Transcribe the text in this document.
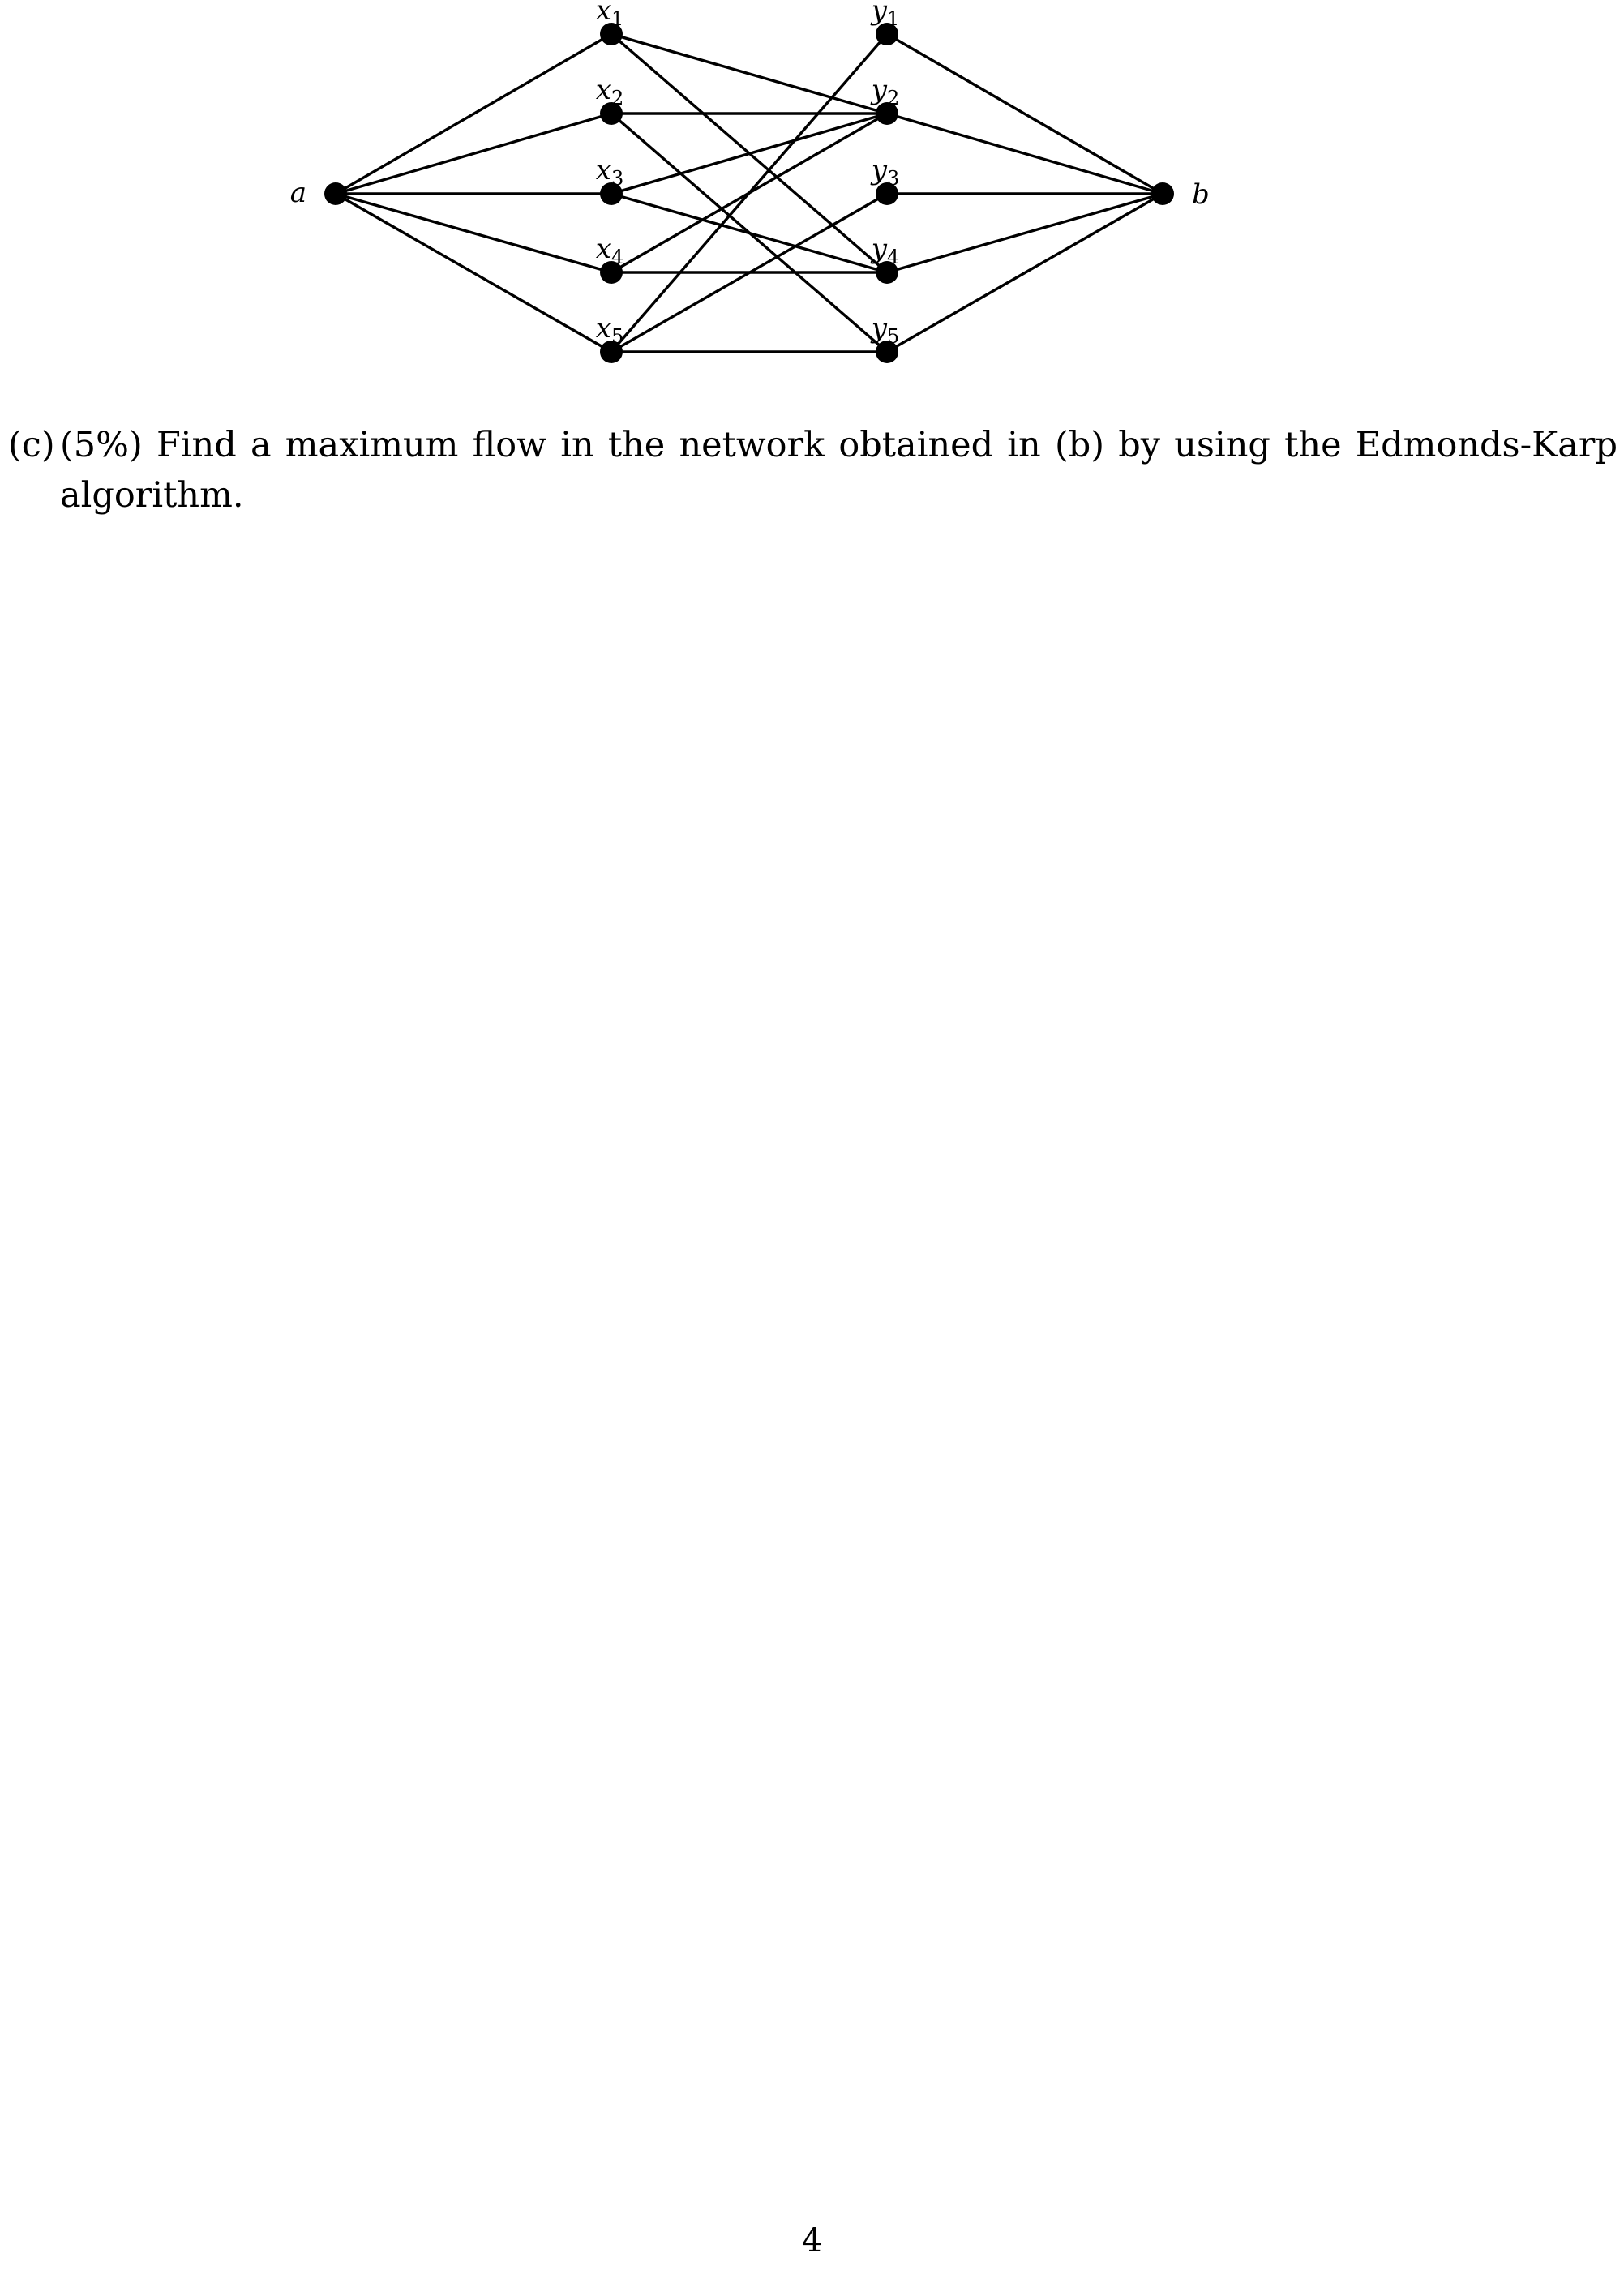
a
$x_1$
$x_2$
$x_3$
$x_4$
$x_5$
$y_1$
$y_2$
$y_3$
$y_4$
$y_5$
b
(c) (5%) Find a maximum flow in the network obtained in (b) by using the Edmonds-Karp algorithm.
4
